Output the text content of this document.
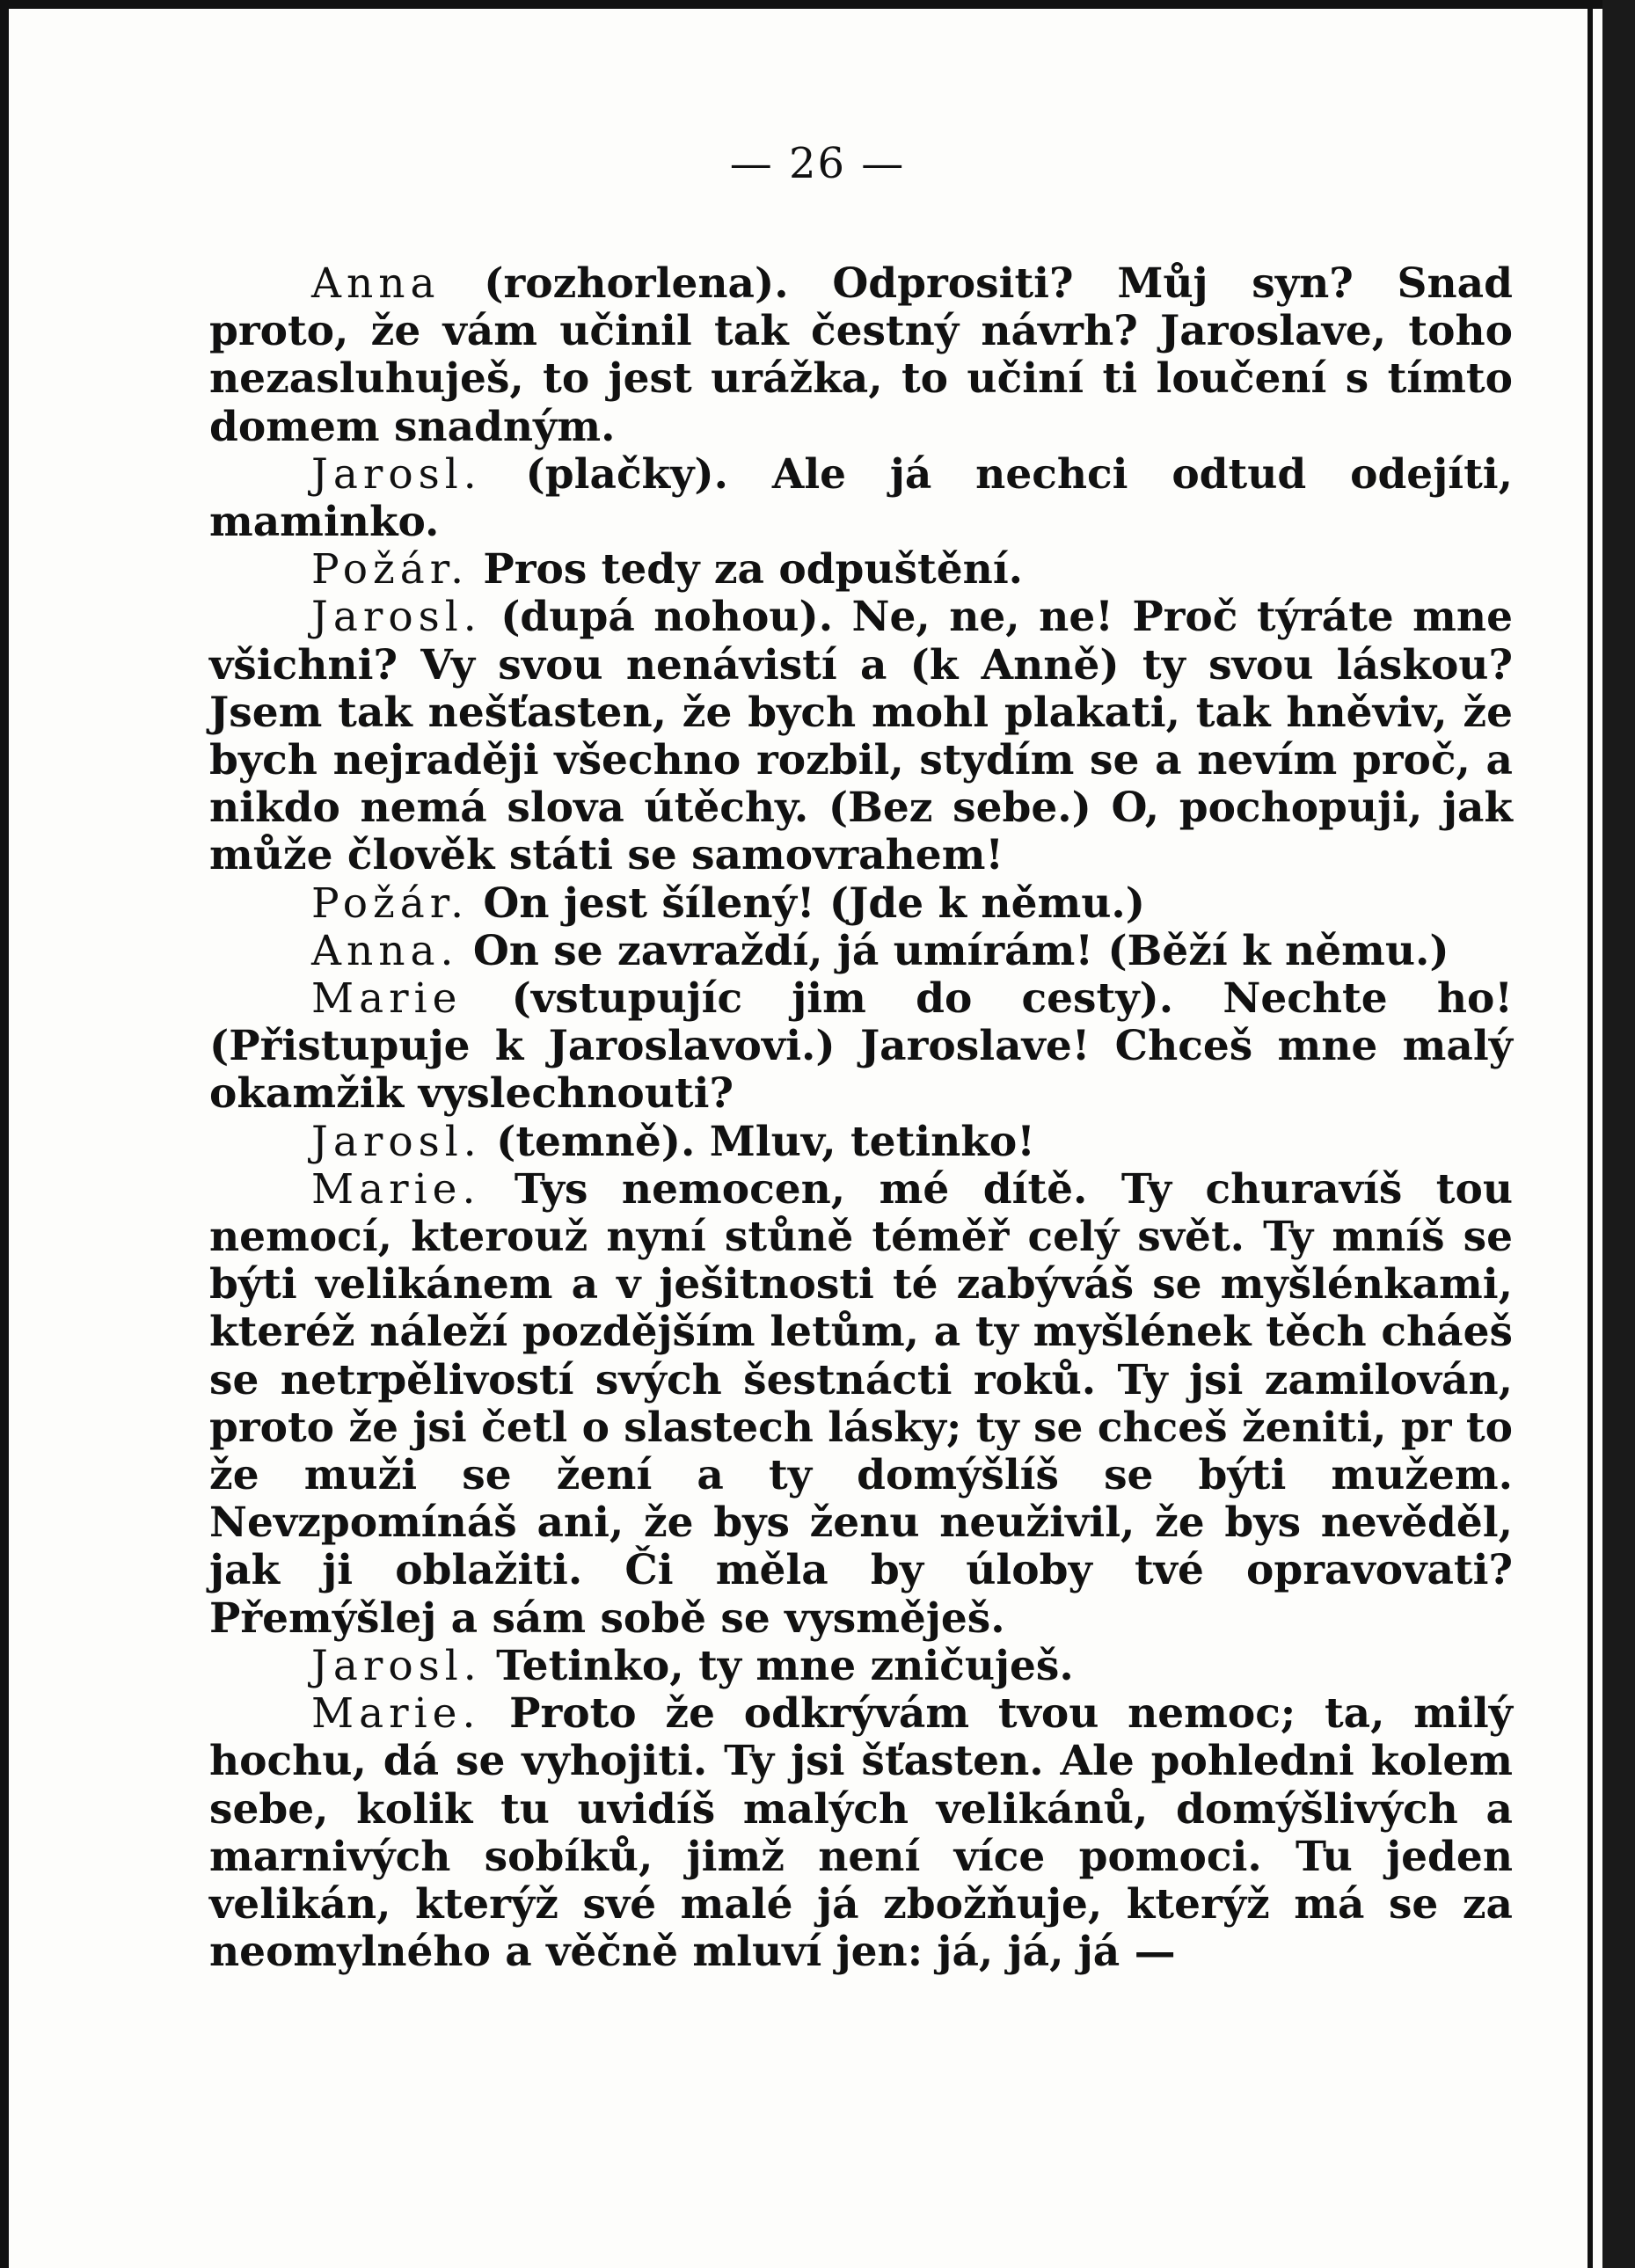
— 26 —

Anna (rozhorlena). Odprositi? Můj syn? Snad proto, že vám učinil tak čestný návrh? Jaroslave, toho nezasluhuješ, to jest urážka, to učiní ti loučení s tímto domem snadným.

Jarosl. (plačky). Ale já nechci odtud odejíti, maminko.

Požár. Pros tedy za odpuštění.

Jarosl. (dupá nohou). Ne, ne, ne! Proč týráte mne všichni? Vy svou nenávistí a (k Anně) ty svou láskou? Jsem tak nešťasten, že bych mohl plakati, tak hněviv, že bych nejraději všechno rozbil, stydím se a nevím proč, a nikdo nemá slova útěchy. (Bez sebe.) O, pochopuji, jak může člověk státi se samovrahem!

Požár. On jest šílený! (Jde k němu.)

Anna. On se zavraždí, já umírám! (Běží k němu.)

Marie (vstupujíc jim do cesty). Nechte ho! (Přistupuje k Jaroslavovi.) Jaroslave! Chceš mne malý okamžik vyslechnouti?

Jarosl. (temně). Mluv, tetinko!

Marie. Tys nemocen, mé dítě. Ty churavíš tou nemocí, kterouž nyní stůně téměř celý svět. Ty mníš se býti velikánem a v ješitnosti té zabýváš se myšlénkami, kteréž náleží pozdějším letům, a ty myšlének těch cháeš se netrpělivostí svých šestnácti roků. Ty jsi zamilován, proto že jsi četl o slastech lásky; ty se chceš ženiti, pr to že muži se žení a ty domýšlíš se býti mužem. Nevzpomínáš ani, že bys ženu neuživil, že bys nevěděl, jak ji oblažiti. Či měla by úloby tvé opravovati? Přemýšlej a sám sobě se vysměješ.

Jarosl. Tetinko, ty mne zničuješ.

Marie. Proto že odkrývám tvou nemoc; ta, milý hochu, dá se vyhojiti. Ty jsi šťasten. Ale pohledni kolem sebe, kolik tu uvidíš malých velikánů, domýšlivých a marnivých sobíků, jimž není více pomoci. Tu jeden velikán, kterýž své malé já zbožňuje, kterýž má se za neomylného a věčně mluví jen: já, já, já —
